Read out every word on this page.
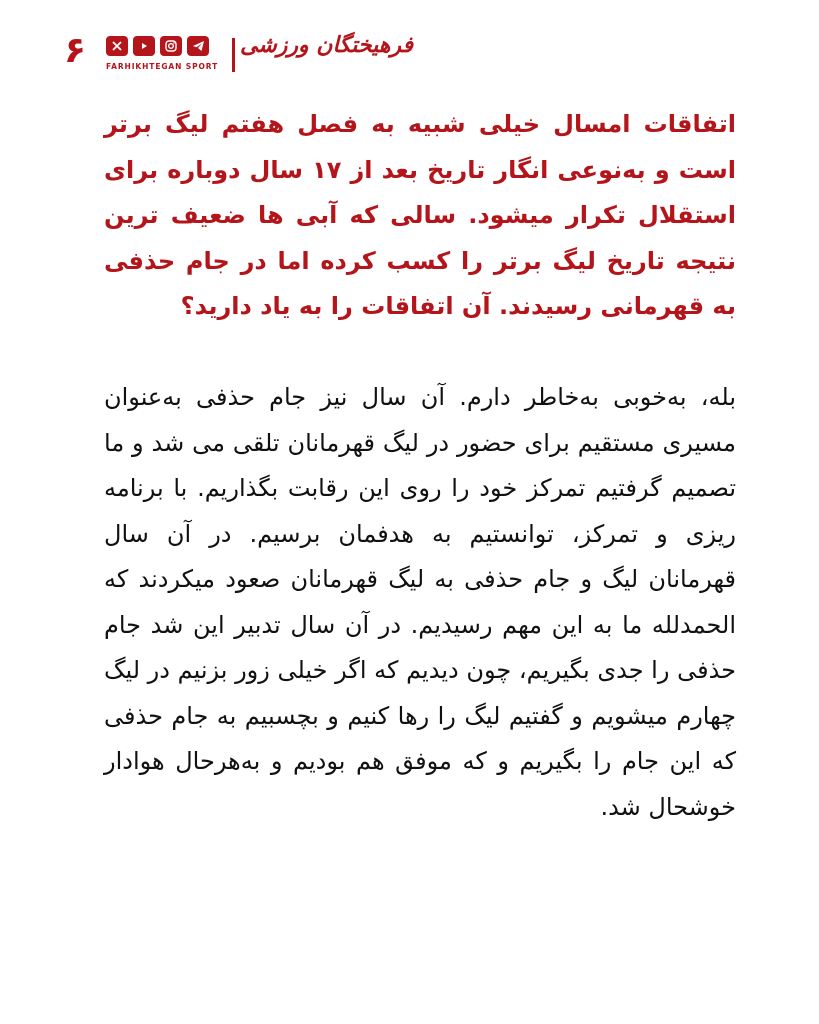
۶	FARHIKHTEGAN SPORT
فرهیختگان ورزشی

اتفاقات امسال خیلی شبیه به فصل هفتم لیگ برتر است و به‌نوعی انگار تاریخ بعد از ۱۷ سال دوباره برای استقلال تکرار میشود. سالی که آبی ها ضعیف ترین نتیجه تاریخ لیگ برتر را کسب کرده اما در جام حذفی به قهرمانی رسیدند. آن اتفاقات را به یاد دارید؟

بله، به‌خوبی به‌خاطر دارم. آن سال نیز جام حذفی به‌عنوان مسیری مستقیم برای حضور در لیگ قهرمانان تلقی می شد و ما تصمیم گرفتیم تمرکز خود را روی این رقابت بگذاریم. با برنامه ریزی و تمرکز، توانستیم به هدفمان برسیم. در آن سال قهرمانان لیگ و جام حذفی به لیگ قهرمانان صعود میکردند که الحمدلله ما به این مهم رسیدیم. در آن سال تدبیر این شد جام حذفی را جدی بگیریم، چون دیدیم که اگر خیلی زور بزنیم در لیگ چهارم میشویم و گفتیم لیگ را رها کنیم و بچسبیم به جام حذفی که این جام را بگیریم و که موفق هم بودیم و به‌هرحال هوادار خوشحال شد.
